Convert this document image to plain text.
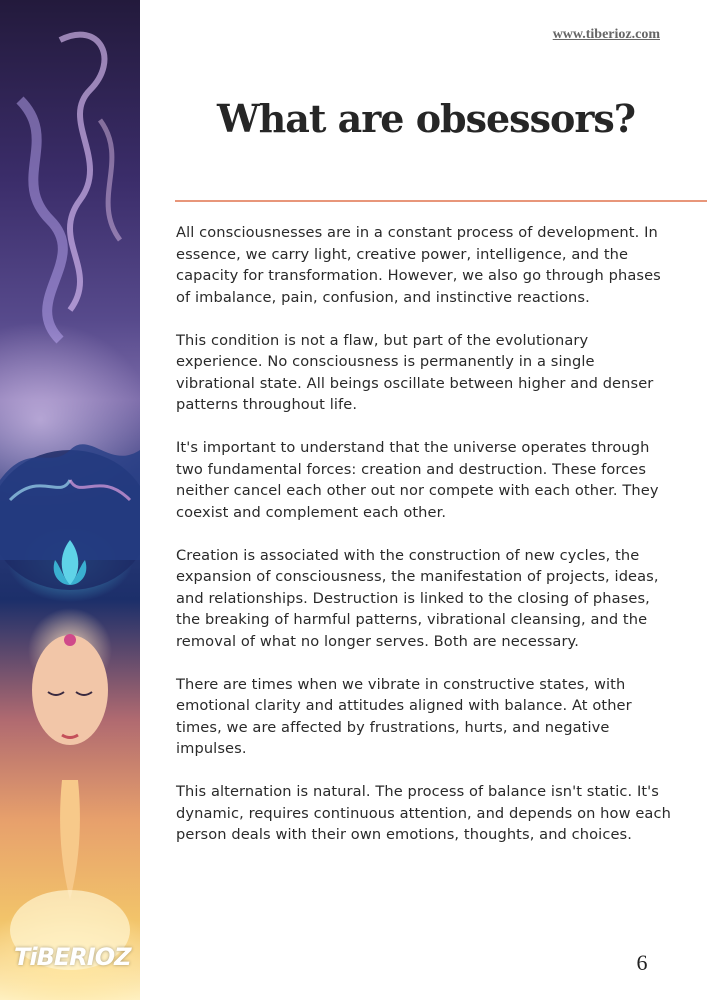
TiBERIOZ
www.tiberioz.com
What are obsessors?

All consciousnesses are in a constant process of development. In essence, we carry light, creative power, intelligence, and the capacity for transformation. However, we also go through phases of imbalance, pain, confusion, and instinctive reactions.

This condition is not a flaw, but part of the evolutionary experience. No consciousness is permanently in a single vibrational state. All beings oscillate between higher and denser patterns throughout life.

It's important to understand that the universe operates through two fundamental forces: creation and destruction. These forces neither cancel each other out nor compete with each other. They coexist and complement each other.

Creation is associated with the construction of new cycles, the expansion of consciousness, the manifestation of projects, ideas, and relationships. Destruction is linked to the closing of phases, the breaking of harmful patterns, vibrational cleansing, and the removal of what no longer serves. Both are necessary.

There are times when we vibrate in constructive states, with emotional clarity and attitudes aligned with balance. At other times, we are affected by frustrations, hurts, and negative impulses.

This alternation is natural. The process of balance isn't static. It's dynamic, requires continuous attention, and depends on how each person deals with their own emotions, thoughts, and choices.

6
